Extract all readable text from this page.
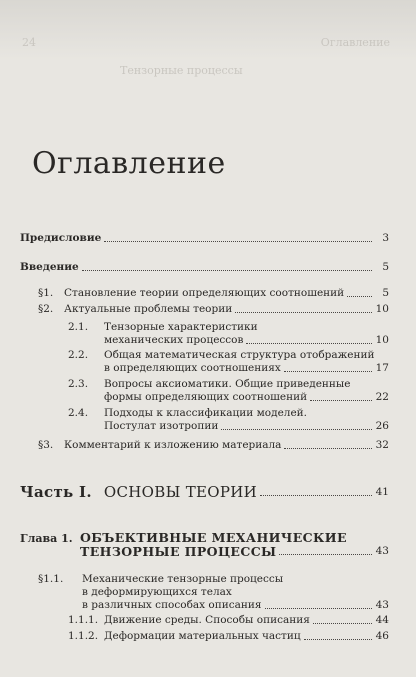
24	Оглавление
Тензорные процессы
Оглавление
Предисловие	3
Введение	5
§1. Становление теории определяющих соотношений	5
§2. Актуальные проблемы теории	10
2.1. Тензорные характеристики
механических процессов	10
2.2. Общая математическая структура отображений
в определяющих соотношениях	17
2.3. Вопросы аксиоматики. Общие приведенные
формы определяющих соотношений	22
2.4. Подходы к классификации моделей.
Постулат изотропии	26
§3. Комментарий к изложению материала	32
Часть I. ОСНОВЫ ТЕОРИИ	41
Глава 1. ОБЪЕКТИВНЫЕ МЕХАНИЧЕСКИЕ
ТЕНЗОРНЫЕ ПРОЦЕССЫ	43
§1.1. Механические тензорные процессы
в деформирующихся телах
в различных способах описания	43
1.1.1. Движение среды. Способы описания	44
1.1.2. Деформации материальных частиц	46
